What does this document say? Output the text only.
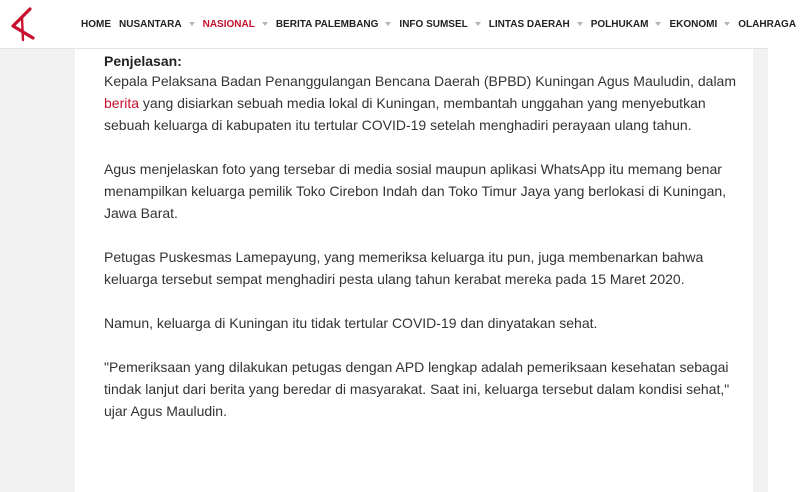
HOME NUSANTARA NASIONAL BERITA PALEMBANG INFO SUMSEL LINTAS DAERAH POLHUKAM EKONOMI OLAHRAGA
Penjelasan:

Kepala Pelaksana Badan Penanggulangan Bencana Daerah (BPBD) Kuningan Agus Mauludin, dalam berita yang disiarkan sebuah media lokal di Kuningan, membantah unggahan yang menyebutkan sebuah keluarga di kabupaten itu tertular COVID-19 setelah menghadiri perayaan ulang tahun.

Agus menjelaskan foto yang tersebar di media sosial maupun aplikasi WhatsApp itu memang benar menampilkan keluarga pemilik Toko Cirebon Indah dan Toko Timur Jaya yang berlokasi di Kuningan, Jawa Barat.

Petugas Puskesmas Lamepayung, yang memeriksa keluarga itu pun, juga membenarkan bahwa keluarga tersebut sempat menghadiri pesta ulang tahun kerabat mereka pada 15 Maret 2020.

Namun, keluarga di Kuningan itu tidak tertular COVID-19 dan dinyatakan sehat.

"Pemeriksaan yang dilakukan petugas dengan APD lengkap adalah pemeriksaan kesehatan sebagai tindak lanjut dari berita yang beredar di masyarakat. Saat ini, keluarga tersebut dalam kondisi sehat," ujar Agus Mauludin.
